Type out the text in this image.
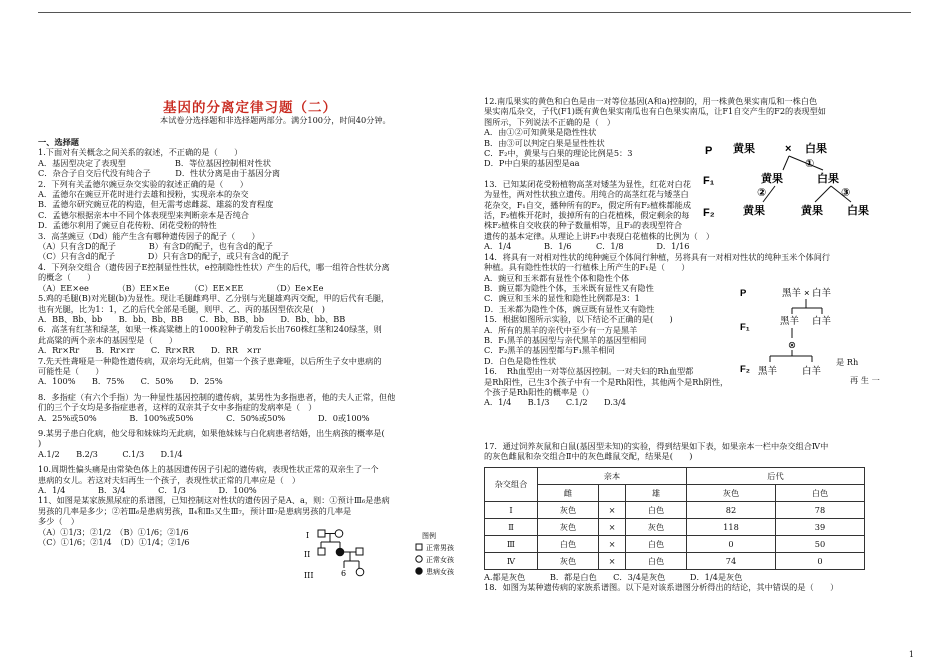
基因的分离定律习题（二）
本试卷分选择题和非选择题两部分。满分100分，时间40分钟。
一、选择题
1.下面对有关概念之间关系的叙述，不正确的是（　　）
A．基因型决定了表现型　　　　　　B．等位基因控制相对性状
C．杂合子自交后代没有纯合子　　　D．性状分离是由于基因分离
2．下列有关孟德尔豌豆杂交实验的叙述正确的是（　　）
A．孟德尔在豌豆开花时进行去雄和授粉，实现亲本的杂交
B．孟德尔研究豌豆花的构造，但无需考虑雌蕊、雄蕊的发育程度
C．孟德尔根据亲本中不同个体表现型来判断亲本是否纯合
D．孟德尔利用了豌豆自花传粉、闭花受粉的特性
3．高茎豌豆（Dd）能产生含有哪种遗传因子的配子（　　）
（A）只有含D的配子　　　　B）有含D的配子，也有含d的配子
（C）只有含d的配子　　　　D）只有含D的配子，或只有含d的配子
4．下列杂交组合（遗传因子E控制显性性状，e控制隐性性状）产生的后代，哪一组符合性状分离
的概念（　　）
（A）EE×ee　　　　（B）EE×Ee　　　（C）EE×EE　　　　（D）Ee×Ee
5.鸡的毛腿(B)对光腿(b)为显性。现让毛腿雌鸡甲、乙分别与光腿雄鸡丙交配，甲的后代有毛腿，
也有光腿，比为1：1，乙的后代全部是毛腿，则甲、乙、丙的基因型依次是(　)
A．BB、Bb、bb　　B．bb、Bb、BB　　C．Bb、BB、bb　　D．Bb、bb、BB
6．高茎有红茎和绿茎，如果一株高粱穗上的1000粒种子萌发后长出760株红茎和240绿茎，则
此高粱的两个亲本的基因型是（　　）
A．Rr×Rr　　B．Rr×rr　　C．Rr×RR　　D．RR　×rr
7.先天性聋哑是一种隐性遗传病，双亲均无此病，但第一个孩子患聋哑，以后所生子女中患病的
可能性是（　　）
A．100%　　B．75%　　C．50%　　D．25%
8．多指症（有六个手指）为一种显性基因控制的遗传病，某男性为多指患者，他的夫人正常，但他
们的三个子女均是多指症患者，这样的双亲其子女中多指症的发病率是（　）
A．25%或50%　　　　B．100%或50%　　　　C．50%或50%　　　　D．0或100%
9.某男子患白化病，他父母和妹妹均无此病，如果他妹妹与白化病患者结婚，出生病孩的概率是(
)
A.1/2　　B.2/3　　　C.1/3　　D.1/4
10.周期性偏头痛是由常染色体上的基因遗传因子引起的遗传病，表现性状正常的双亲生了一个
患病的女儿。若这对夫妇再生一个孩子，表现性状正常的几率应是（　）
A．1/4　　　　B．3/4　　　　C．1/3　　　　D．100%
11、如图是某家族黑尿症的系谱图，已知控制这对性状的遗传因子是A、a，则：①预计Ⅲ₆是患病
男孩的几率是多少；②若Ⅲ₆是患病男孩，Ⅱ₄和Ⅱ₅又生Ⅲ₇，预计Ⅲ₇是患病男孩的几率是
多少（　）
（A）①1/3；②1/2　（B）①1/6；②1/6
（C）①1/6；②1/4　（D）①1/4；②1/6
I
II
III	6
图例
正常男孩
正常女孩
患病女孩
12.南瓜果实的黄色和白色是由一对等位基因(A和a)控制的，用一株黄色果实南瓜和一株白色
果实南瓜杂交，子代(F1)既有黄色果实南瓜也有白色果实南瓜，让F1自交产生的F2的表现型如
图所示，下列说法不正确的是（　）
A．由①②可知黄果是隐性性状
B．由③可以判定白果是显性性状
C．F₂中，黄果与白果的理论比例是5：3
D．P中白果的基因型是aa
13．已知某闭花受粉植物高茎对矮茎为显性，红花对白花
为显性，两对性状独立遗传。用纯合的高茎红花与矮茎白
花杂交，F₁自交，播种所有的F₂，假定所有F₂植株都能成
活，F₂植株开花时，拔掉所有的白花植株，假定剩余的每
株F₂植株自交收获的种子数量相等，且F₃的表现型符合
遗传的基本定律。从理论上讲F₃中表现白花植株的比例为（　）
A．1/4　　　　B．1/6　　　C．1/8　　　　D．1/16
14．将具有一对相对性状的纯种豌豆个体间行种植，另将具有一对相对性状的纯种玉米个体间行
种植。具有隐性性状的一行植株上所产生的F₁是（　　）
A．豌豆和玉米都有显性个体和隐性个体
B．豌豆都为隐性个体，玉米既有显性又有隐性
C．豌豆和玉米的显性和隐性比例都是3：1
D．玉米都为隐性个体，豌豆既有显性又有隐性
15．根据如图所示实验，以下结论不正确的是(　　)
A．所有的黑羊的亲代中至少有一方是黑羊
B．F₁黑羊的基因型与亲代黑羊的基因型相同
C．F₂黑羊的基因型都与F₁黑羊相同
D．白色是隐性性状
16．　Rh血型由一对等位基因控制。一对夫妇的Rh血型都
是Rh阳性，已生3个孩子中有一个是Rh阳性，其他两个是Rh阴性，
个孩子是Rh阳性的概率是（）
A．1/4　　B.1/3　　C.1/2　　D.3/4
是 Rh
再 生 一
P 黄果	× 白果
①
F₁	黄果	白果
②	③
F₂	黄果	黄果 白果
P	黑羊 × 白羊
F₁
黑羊 白羊
⊗
F₂ 黑羊	白羊
17．通过饲养灰鼠和白鼠(基因型未知)的实验，得到结果如下表，如果亲本一栏中杂交组合Ⅳ中
的灰色雌鼠和杂交组合Ⅱ中的灰色雌鼠交配，结果是(　　)
杂交组合	亲本			后代	
	雌		雄	灰色	白色
Ⅰ	灰色	×	白色	82	78
Ⅱ	灰色	×	灰色	118	39
Ⅲ	白色	×	白色	0	50
Ⅳ	灰色	×	白色	74	0
A.都是灰色　　　B．都是白色　　C．3/4是灰色　　　D．1/4是灰色
18．如图为某种遗传病的家族系谱图。以下是对该系谱图分析得出的结论，其中错误的是（　　）
1
